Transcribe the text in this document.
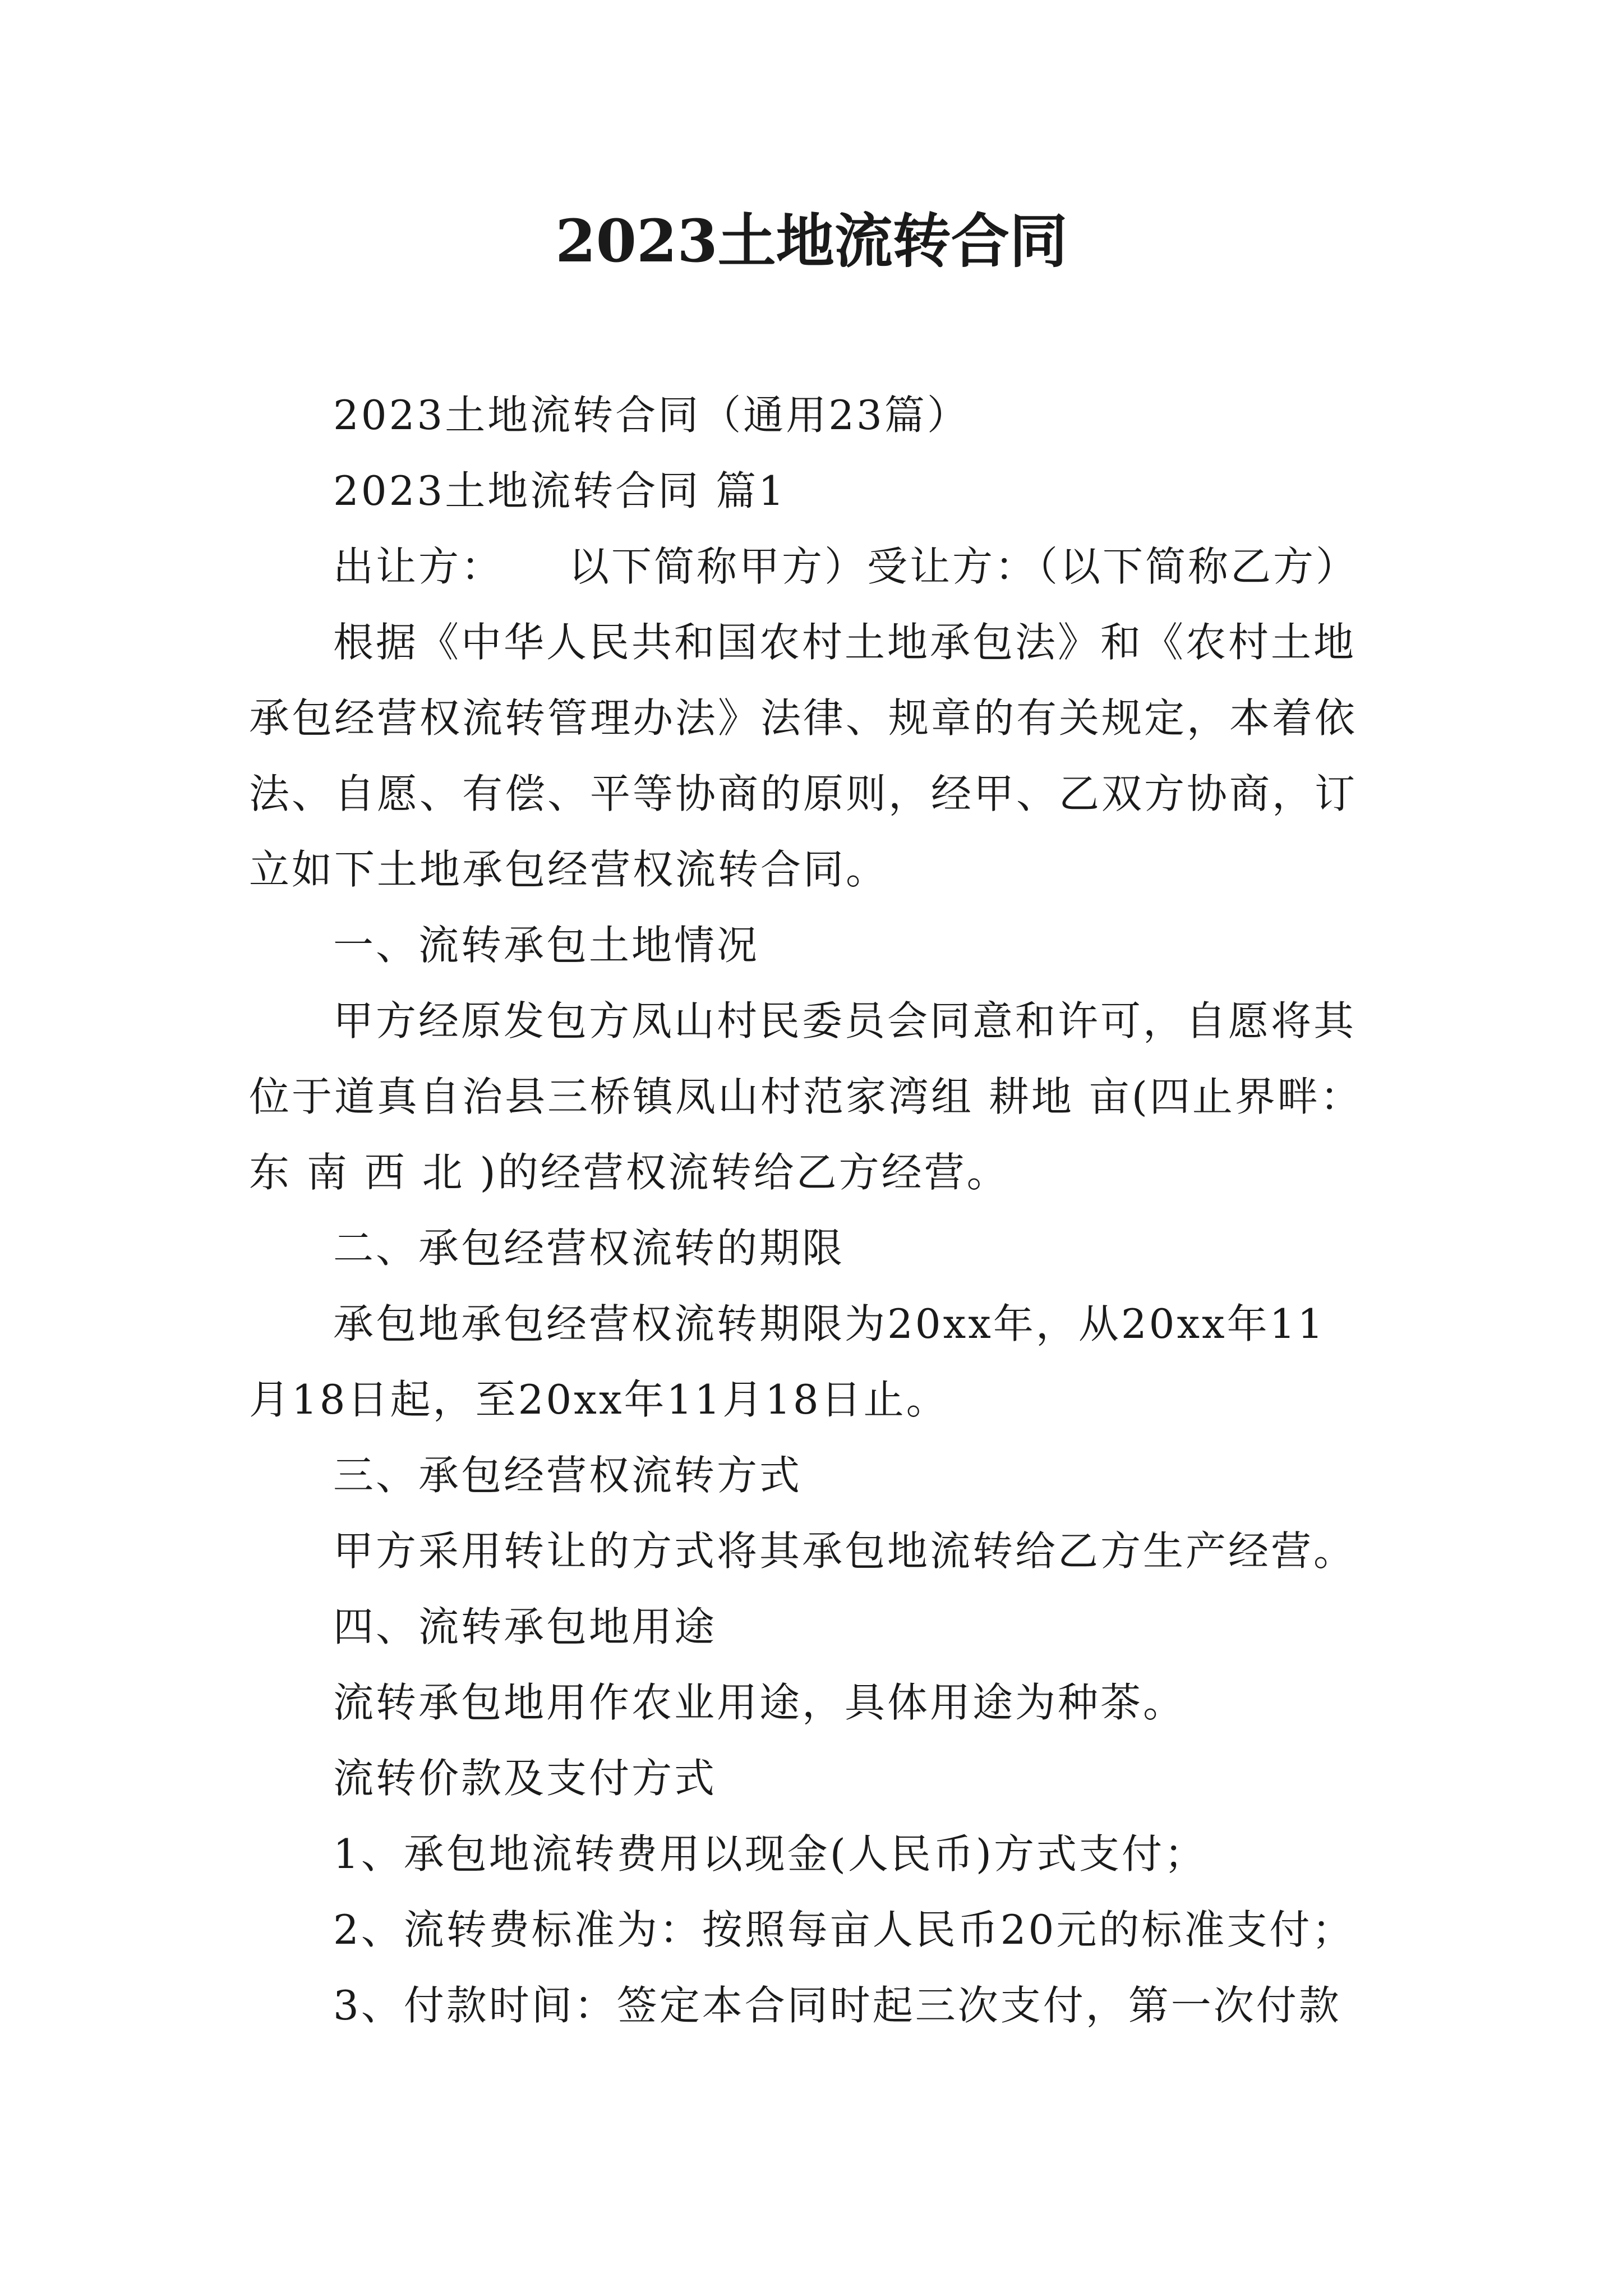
2023土地流转合同
2023土地流转合同（通用23篇）
2023土地流转合同 篇1
出让方：　　以下简称甲方）受让方：（以下简称乙方）
根据《中华人民共和国农村土地承包法》和《农村土地
承包经营权流转管理办法》法律、规章的有关规定，本着依
法、自愿、有偿、平等协商的原则，经甲、乙双方协商，订
立如下土地承包经营权流转合同。
一、流转承包土地情况
甲方经原发包方凤山村民委员会同意和许可，自愿将其
位于道真自治县三桥镇凤山村范家湾组 耕地 亩(四止界畔：
东 南 西 北 )的经营权流转给乙方经营。
二、承包经营权流转的期限
承包地承包经营权流转期限为20xx年，从20xx年11
月18日起，至20xx年11月18日止。
三、承包经营权流转方式
甲方采用转让的方式将其承包地流转给乙方生产经营。
四、流转承包地用途
流转承包地用作农业用途，具体用途为种茶。
流转价款及支付方式
1、承包地流转费用以现金(人民币)方式支付；
2、流转费标准为：按照每亩人民币20元的标准支付；
3、付款时间：签定本合同时起三次支付，第一次付款
